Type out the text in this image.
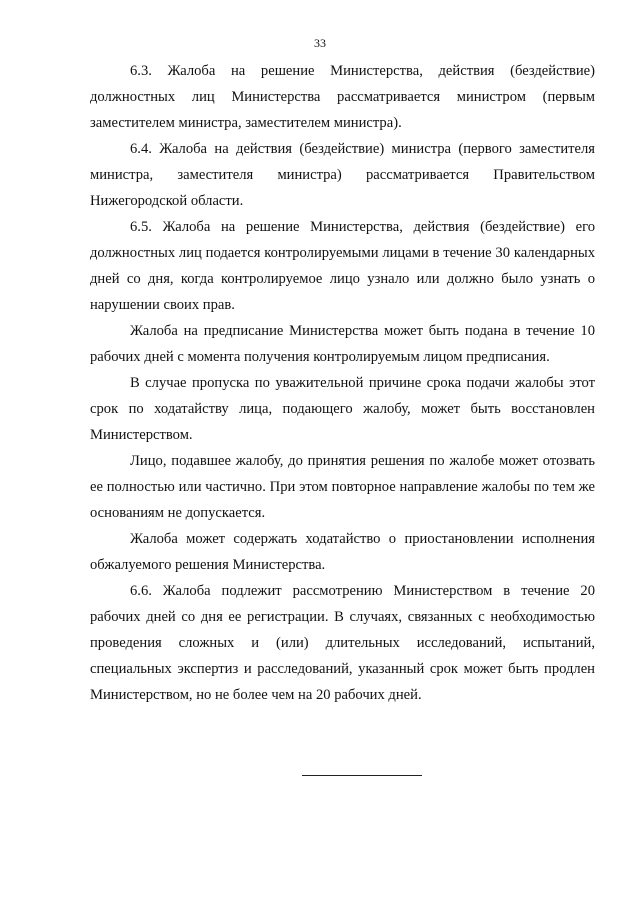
33

6.3. Жалоба на решение Министерства, действия (бездействие) должностных лиц Министерства рассматривается министром (первым заместителем министра, заместителем министра).

6.4. Жалоба на действия (бездействие) министра (первого заместителя министра, заместителя министра) рассматривается Правительством Нижегородской области.

6.5. Жалоба на решение Министерства, действия (бездействие) его должностных лиц подается контролируемыми лицами в течение 30 календарных дней со дня, когда контролируемое лицо узнало или должно было узнать о нарушении своих прав.

Жалоба на предписание Министерства может быть подана в течение 10 рабочих дней с момента получения контролируемым лицом предписания.

В случае пропуска по уважительной причине срока подачи жалобы этот срок по ходатайству лица, подающего жалобу, может быть восстановлен Министерством.

Лицо, подавшее жалобу, до принятия решения по жалобе может отозвать ее полностью или частично. При этом повторное направление жалобы по тем же основаниям не допускается.

Жалоба может содержать ходатайство о приостановлении исполнения обжалуемого решения Министерства.

6.6. Жалоба подлежит рассмотрению Министерством в течение 20 рабочих дней со дня ее регистрации. В случаях, связанных с необходимостью проведения сложных и (или) длительных исследований, испытаний, специальных экспертиз и расследований, указанный срок может быть продлен Министерством, но не более чем на 20 рабочих дней.
